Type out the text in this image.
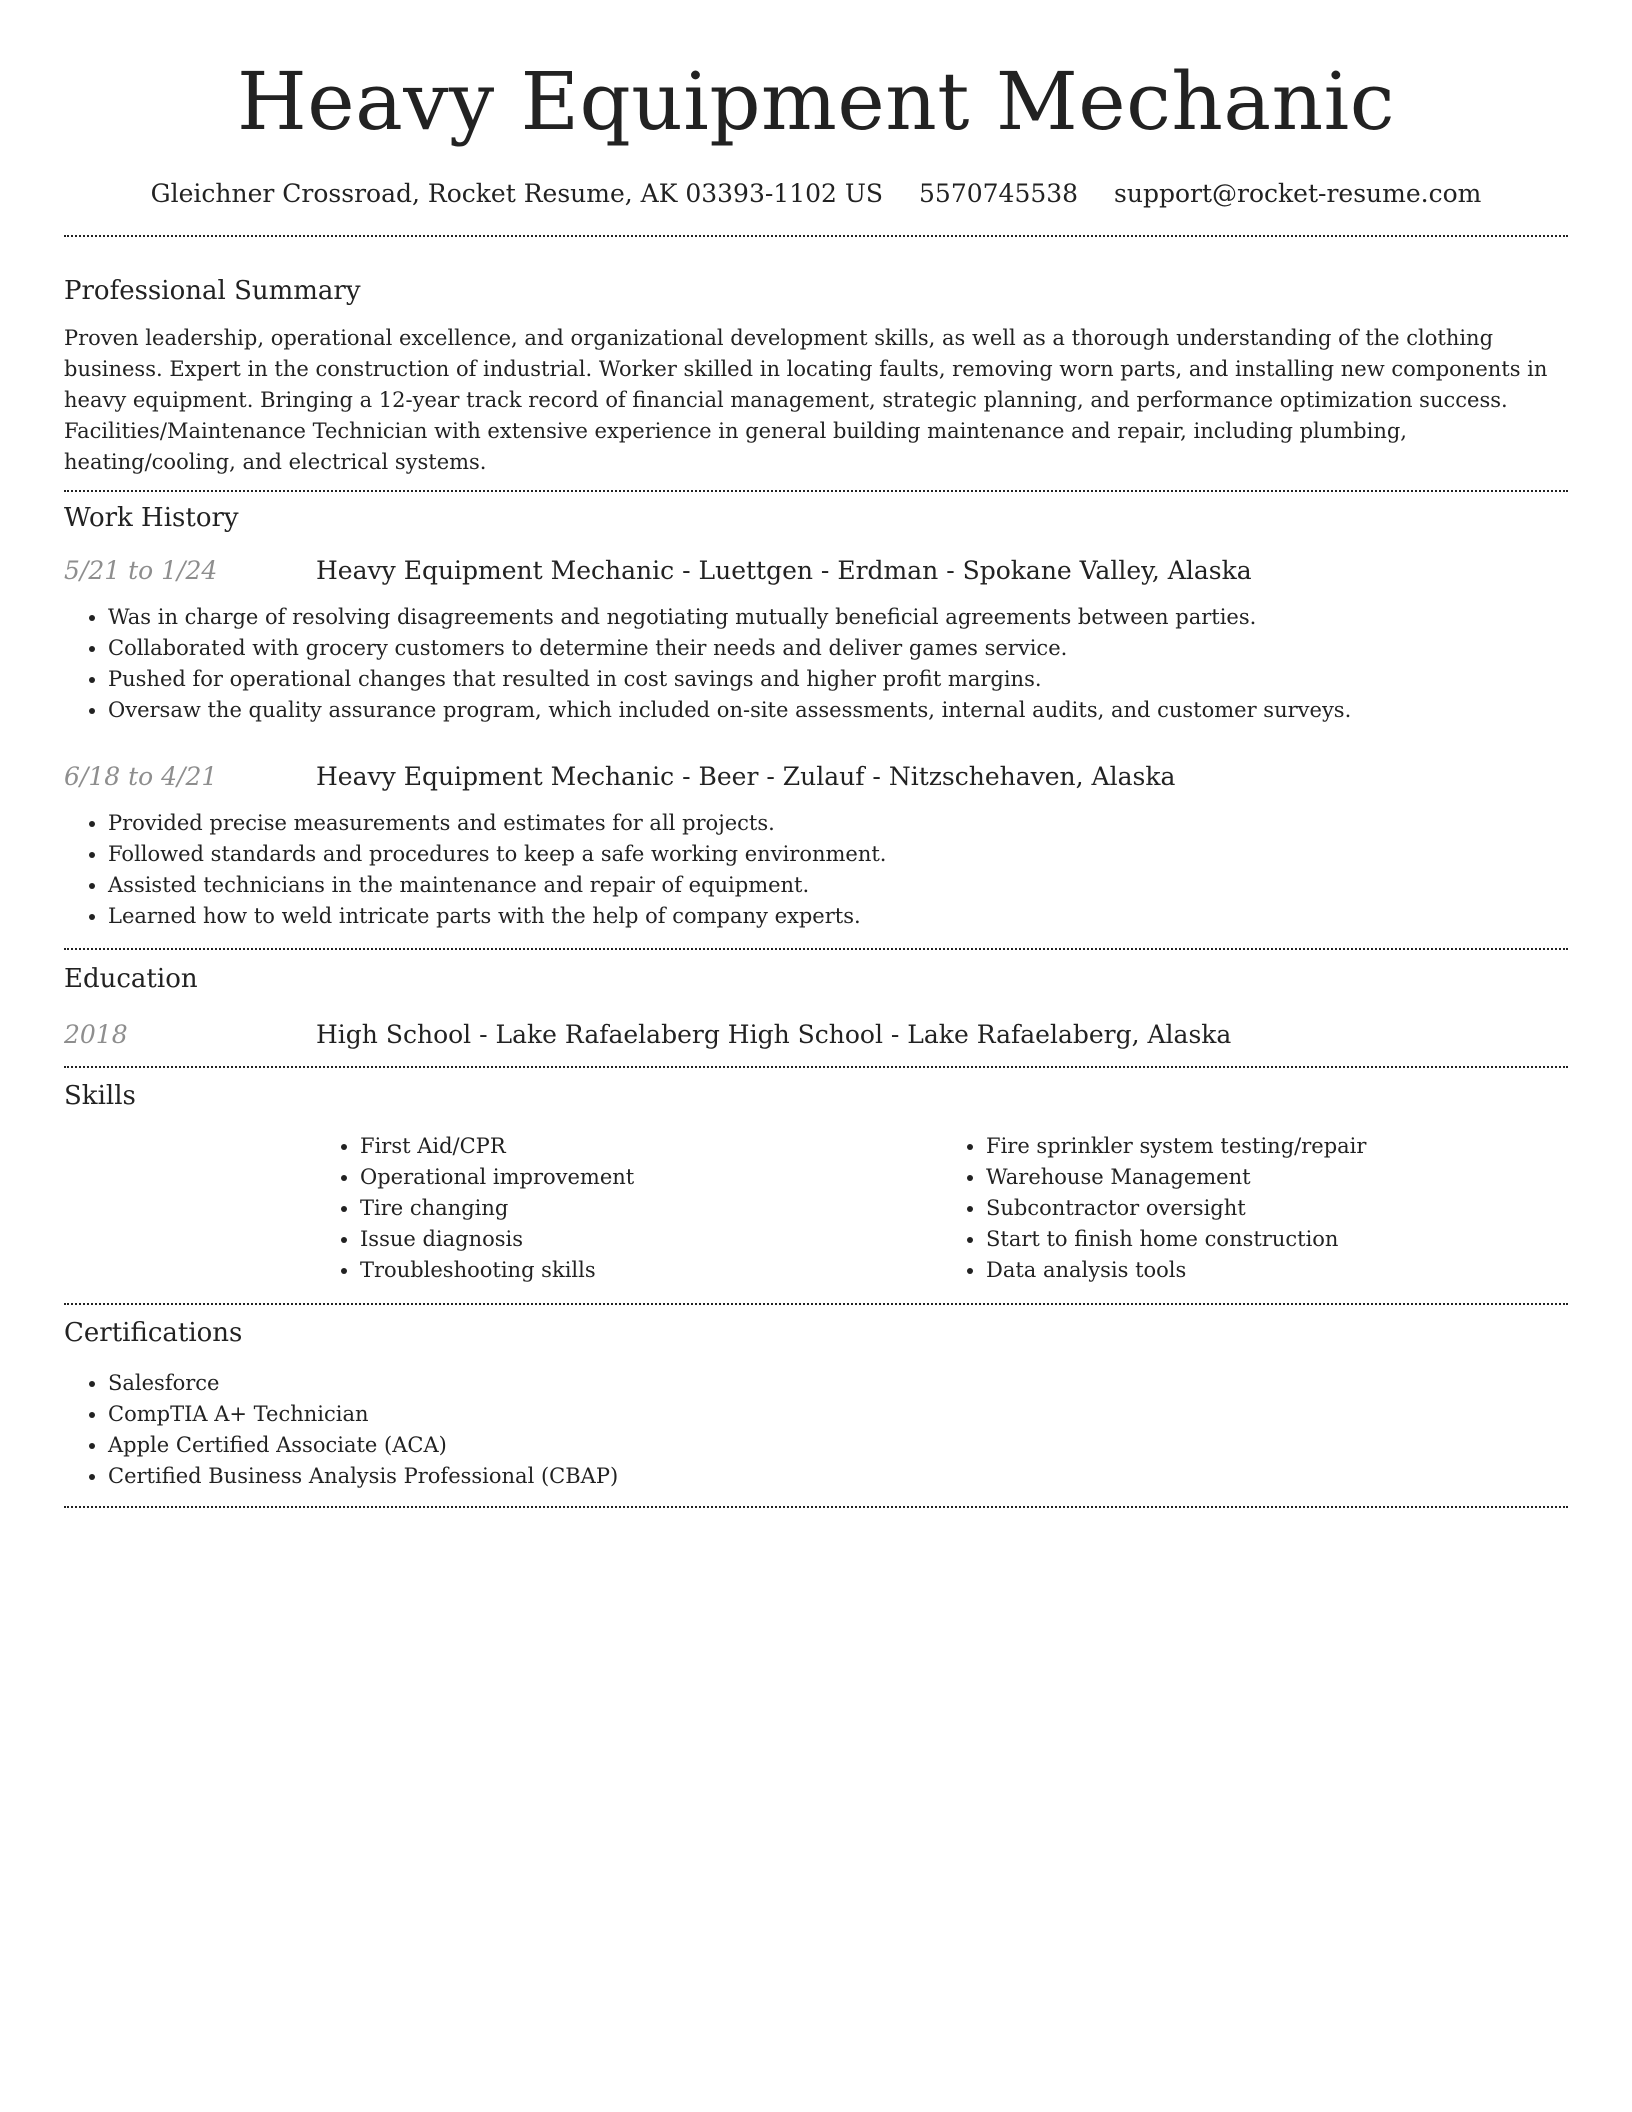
Heavy Equipment Mechanic
Gleichner Crossroad, Rocket Resume, AK 03393-1102 US 5570745538 support@rocket-resume.com
Professional Summary

Proven leadership, operational excellence, and organizational development skills, as well as a thorough understanding of the clothing business. Expert in the construction of industrial. Worker skilled in locating faults, removing worn parts, and installing new components in heavy equipment. Bringing a 12-year track record of financial management, strategic planning, and performance optimization success. Facilities/Maintenance Technician with extensive experience in general building maintenance and repair, including plumbing, heating/cooling, and electrical systems.

Work History
5/21 to 1/24	Heavy Equipment Mechanic - Luettgen - Erdman - Spokane Valley, Alaska
• Was in charge of resolving disagreements and negotiating mutually beneficial agreements between parties.
• Collaborated with grocery customers to determine their needs and deliver games service.
• Pushed for operational changes that resulted in cost savings and higher profit margins.
• Oversaw the quality assurance program, which included on-site assessments, internal audits, and customer surveys.
6/18 to 4/21	Heavy Equipment Mechanic - Beer - Zulauf - Nitzschehaven, Alaska
• Provided precise measurements and estimates for all projects.
• Followed standards and procedures to keep a safe working environment.
• Assisted technicians in the maintenance and repair of equipment.
• Learned how to weld intricate parts with the help of company experts.
Education
2018	High School - Lake Rafaelaberg High School - Lake Rafaelaberg, Alaska
Skills
• First Aid/CPR
• Operational improvement
• Tire changing
• Issue diagnosis
• Troubleshooting skills
• Fire sprinkler system testing/repair
• Warehouse Management
• Subcontractor oversight
• Start to finish home construction
• Data analysis tools
Certifications
• Salesforce
• CompTIA A+ Technician
• Apple Certified Associate (ACA)
• Certified Business Analysis Professional (CBAP)
